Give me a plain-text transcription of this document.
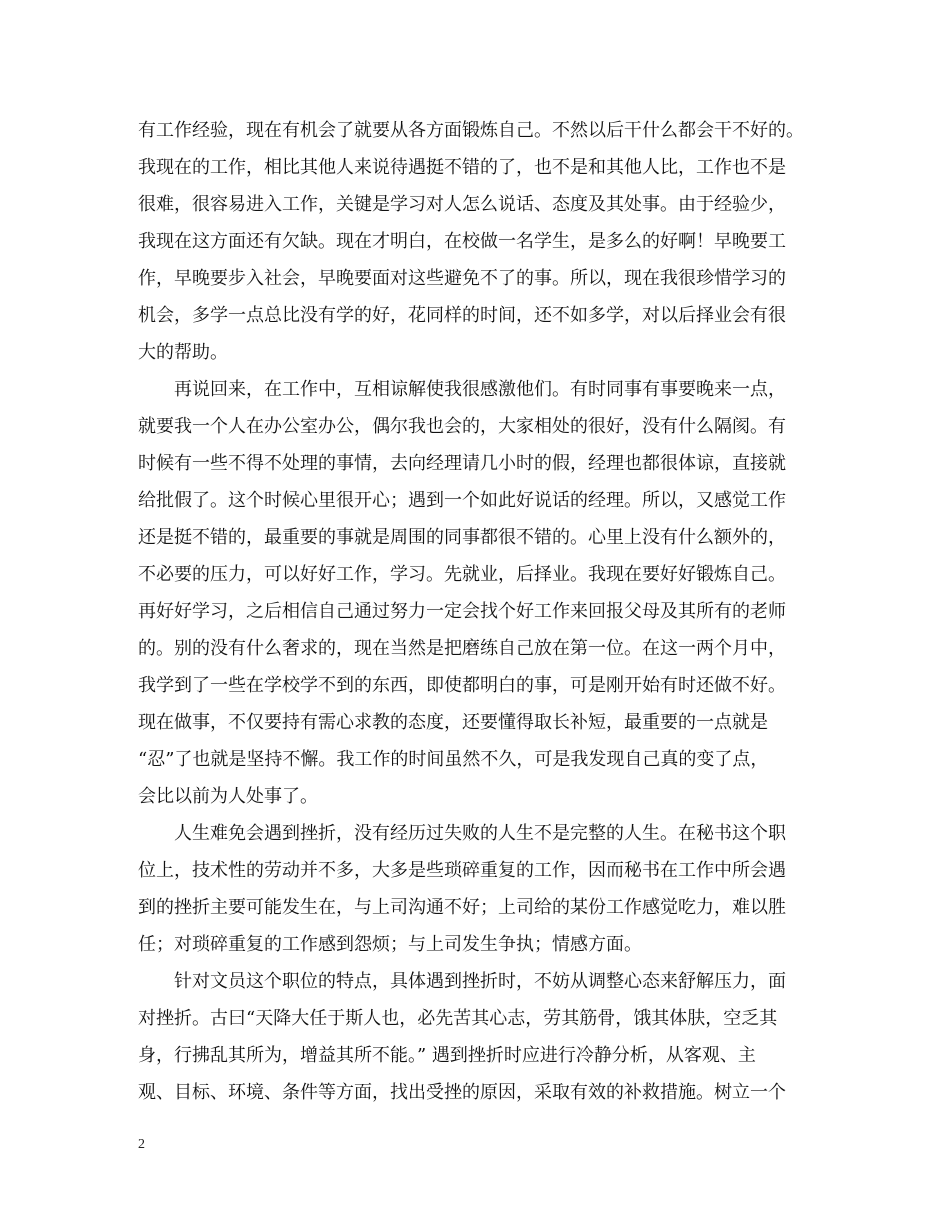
有工作经验，现在有机会了就要从各方面锻炼自己。不然以后干什么都会干不好的。
我现在的工作，相比其他人来说待遇挺不错的了，也不是和其他人比，工作也不是
很难，很容易进入工作，关键是学习对人怎么说话、态度及其处事。由于经验少，
我现在这方面还有欠缺。现在才明白，在校做一名学生，是多么的好啊！早晚要工
作，早晚要步入社会，早晚要面对这些避免不了的事。所以，现在我很珍惜学习的
机会，多学一点总比没有学的好，花同样的时间，还不如多学，对以后择业会有很
大的帮助。
再说回来，在工作中，互相谅解使我很感激他们。有时同事有事要晚来一点，
就要我一个人在办公室办公，偶尔我也会的，大家相处的很好，没有什么隔阂。有
时候有一些不得不处理的事情，去向经理请几小时的假，经理也都很体谅，直接就
给批假了。这个时候心里很开心；遇到一个如此好说话的经理。所以，又感觉工作
还是挺不错的，最重要的事就是周围的同事都很不错的。心里上没有什么额外的，
不必要的压力，可以好好工作，学习。先就业，后择业。我现在要好好锻炼自己。
再好好学习，之后相信自己通过努力一定会找个好工作来回报父母及其所有的老师
的。别的没有什么奢求的，现在当然是把磨练自己放在第一位。在这一两个月中，
我学到了一些在学校学不到的东西，即使都明白的事，可是刚开始有时还做不好。
现在做事，不仅要持有需心求教的态度，还要懂得取长补短，最重要的一点就是
“忍”了也就是坚持不懈。我工作的时间虽然不久，可是我发现自己真的变了点，
会比以前为人处事了。
人生难免会遇到挫折，没有经历过失败的人生不是完整的人生。在秘书这个职
位上，技术性的劳动并不多，大多是些琐碎重复的工作，因而秘书在工作中所会遇
到的挫折主要可能发生在，与上司沟通不好；上司给的某份工作感觉吃力，难以胜
任；对琐碎重复的工作感到怨烦；与上司发生争执；情感方面。
针对文员这个职位的特点，具体遇到挫折时，不妨从调整心态来舒解压力，面
对挫折。古曰“天降大任于斯人也，必先苦其心志，劳其筋骨，饿其体肤，空乏其
身，行拂乱其所为，增益其所不能。” 遇到挫折时应进行冷静分析，从客观、主
观、目标、环境、条件等方面，找出受挫的原因，采取有效的补救措施。树立一个
2
